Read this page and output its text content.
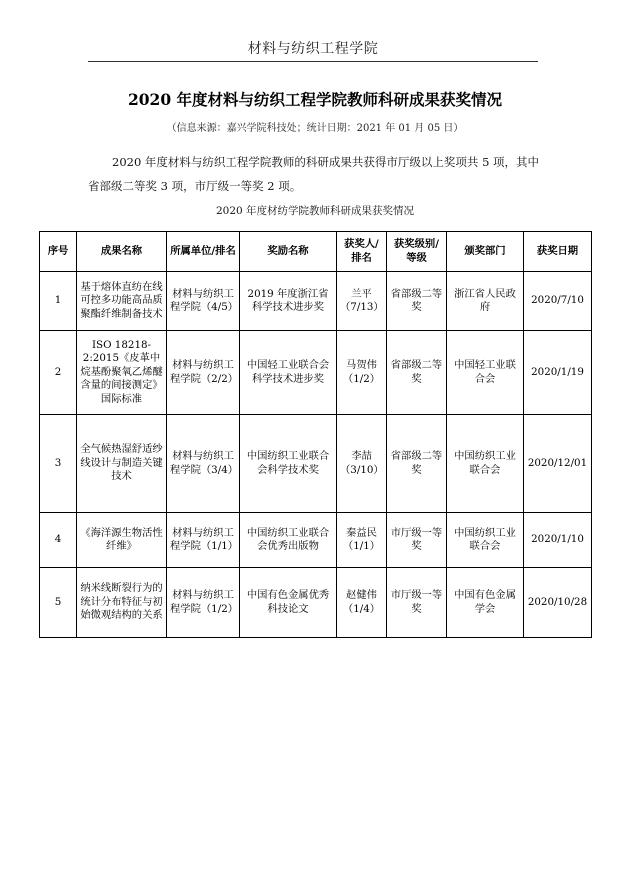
材料与纺织工程学院
2020 年度材料与纺织工程学院教师科研成果获奖情况
（信息来源：嘉兴学院科技处；统计日期：2021 年 01 月 05 日）
2020 年度材料与纺织工程学院教师的科研成果共获得市厅级以上奖项共 5 项，其中省部级二等奖 3 项，市厅级一等奖 2 项。
2020 年度材纺学院教师科研成果获奖情况
序号	成果名称	所属单位/排名	奖励名称	获奖人/排名	获奖级别/等级	颁奖部门	获奖日期
1	基于熔体直纺在线可控多功能高品质聚酯纤维制备技术	材料与纺织工程学院（4/5）	2019 年度浙江省科学技术进步奖	兰平（7/13）	省部级二等奖	浙江省人民政府	2020/7/10
2	ISO 18218-2:2015《皮革中烷基酚聚氧乙烯醚含量的间接测定》国际标准	材料与纺织工程学院（2/2）	中国轻工业联合会科学技术进步奖	马贺伟（1/2）	省部级二等奖	中国轻工业联合会	2020/1/19
3	全气候热湿舒适纱线设计与制造关键技术	材料与纺织工程学院（3/4）	中国纺织工业联合会科学技术奖	李喆（3/10）	省部级二等奖	中国纺织工业联合会	2020/12/01
4	《海洋源生物活性纤维》	材料与纺织工程学院（1/1）	中国纺织工业联合会优秀出版物	秦益民（1/1）	市厅级一等奖	中国纺织工业联合会	2020/1/10
5	纳米线断裂行为的统计分布特征与初始微观结构的关系	材料与纺织工程学院（1/2）	中国有色金属优秀科技论文	赵健伟（1/4）	市厅级一等奖	中国有色金属学会	2020/10/28
